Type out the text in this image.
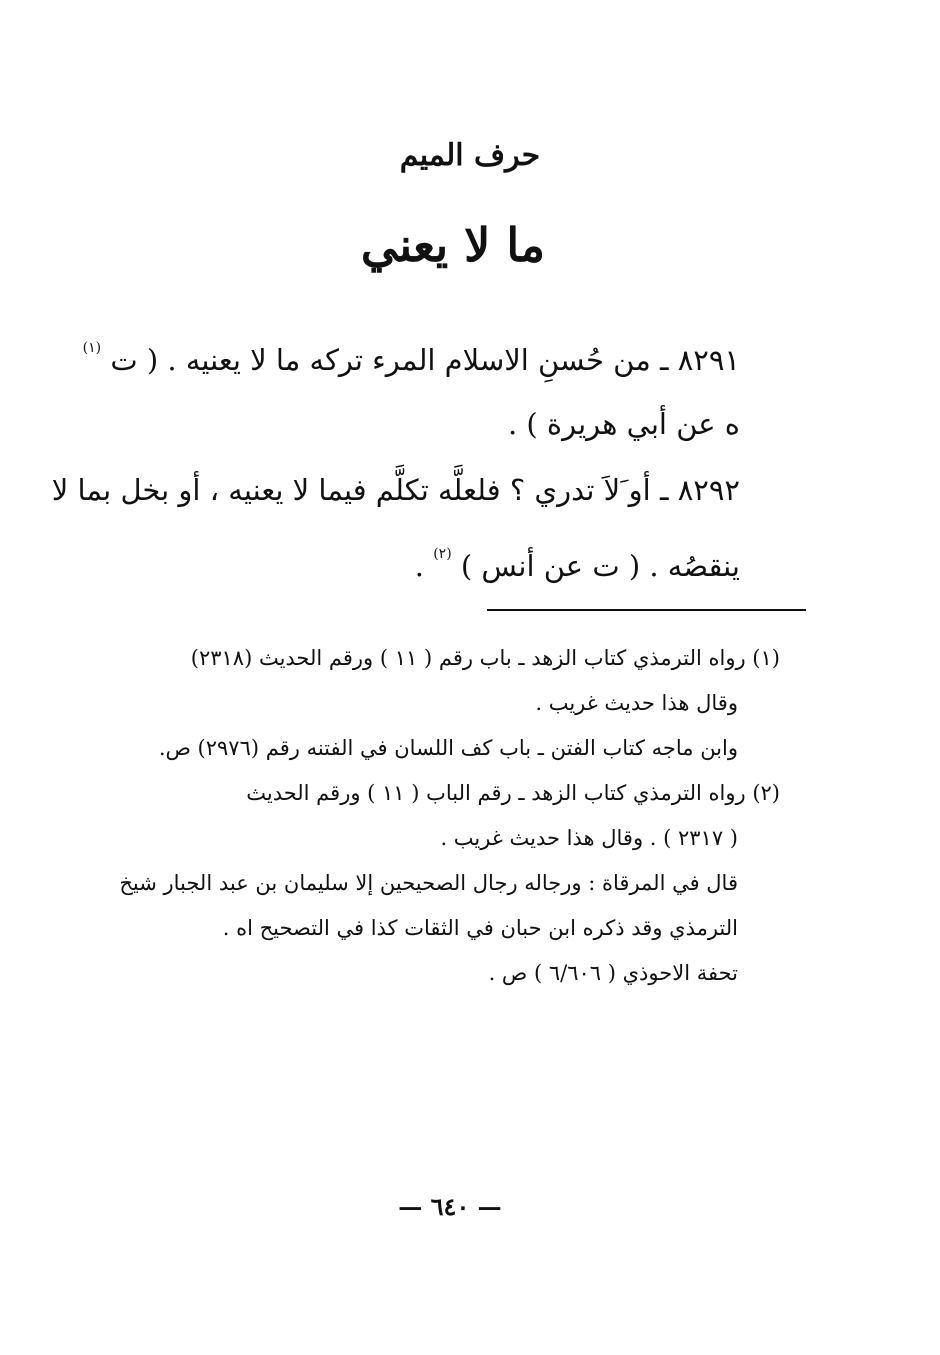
حرف الميم
ما لا يعني
٨٢٩١ ـ من حُسنِ الاسلام المرء تركه ما لا يعنيه . ( ت $^{(١)}$
ه عن أبي هريرة ) .
٨٢٩٢ ـ أو َلاَ تدري ؟ فلعلَّه تكلَّم فيما لا يعنيه ، أو بخل بما لا
ينقصُه . ( ت عن أنس ) $^{(٢)}$ .
(١) رواه الترمذي كتاب الزهد ـ باب رقم ( ١١ ) ورقم الحديث (٢٣١٨)
وقال هذا حديث غريب .
وابن ماجه كتاب الفتن ـ باب كف اللسان في الفتنه رقم (٢٩٧٦) ص.
(٢) رواه الترمذي كتاب الزهد ـ رقم الباب ( ١١ ) ورقم الحديث
( ٢٣١٧ ) . وقال هذا حديث غريب .
قال في المرقاة : ورجاله رجال الصحيحين إلا سليمان بن عبد الجبار شيخ
الترمذي وقد ذكره ابن حبان في الثقات كذا في التصحيح اه .
تحفة الاحوذي ( ٦/٦٠٦ ) ص .
— ٦٤٠ —
